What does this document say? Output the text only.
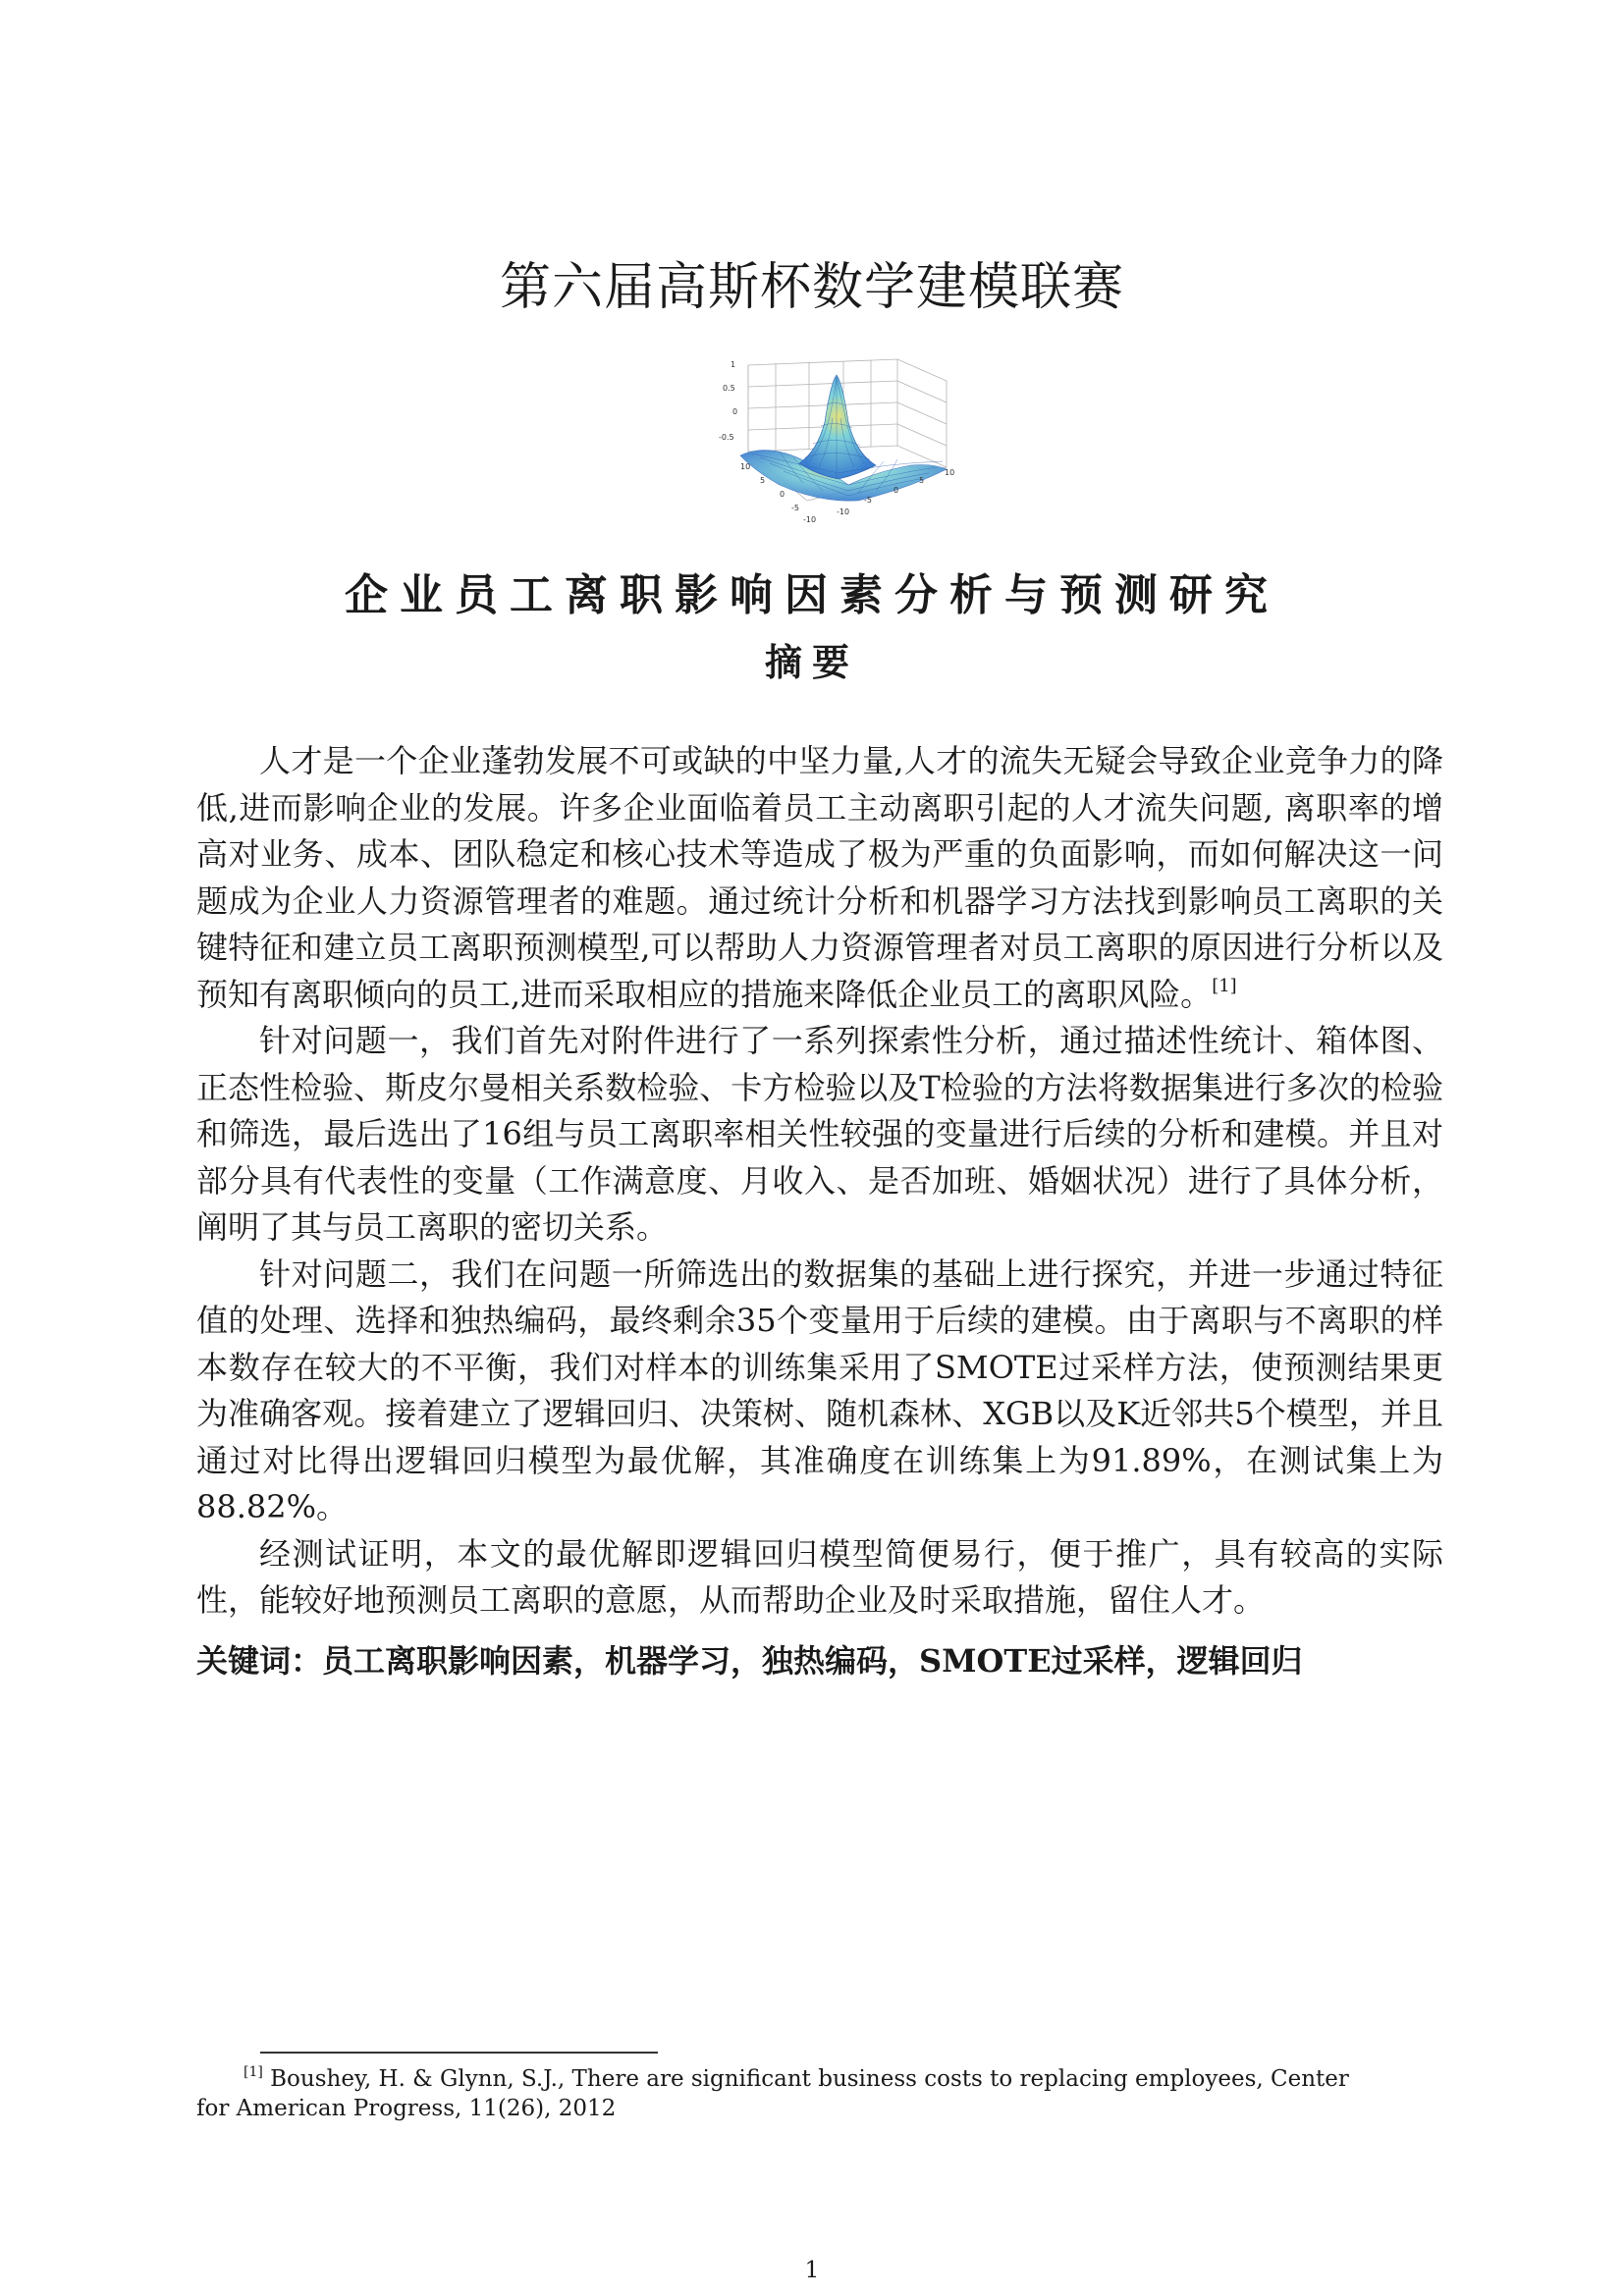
第六届高斯杯数学建模联赛
1
0.5
0
-0.5
10
5
0
-5
-10
-10
-5
0
5
10
企业员工离职影响因素分析与预测研究
摘要

人才是一个企业蓬勃发展不可或缺的中坚力量,人才的流失无疑会导致企业竞争力的降低,进而影响企业的发展。许多企业面临着员工主动离职引起的人才流失问题, 离职率的增高对业务、成本、团队稳定和核心技术等造成了极为严重的负面影响，而如何解决这一问题成为企业人力资源管理者的难题。通过统计分析和机器学习方法找到影响员工离职的关键特征和建立员工离职预测模型,可以帮助人力资源管理者对员工离职的原因进行分析以及预知有离职倾向的员工,进而采取相应的措施来降低企业员工的离职风险。[1]

针对问题一，我们首先对附件进行了一系列探索性分析，通过描述性统计、箱体图、正态性检验、斯皮尔曼相关系数检验、卡方检验以及T检验的方法将数据集进行多次的检验和筛选，最后选出了16组与员工离职率相关性较强的变量进行后续的分析和建模。并且对部分具有代表性的变量（工作满意度、月收入、是否加班、婚姻状况）进行了具体分析，阐明了其与员工离职的密切关系。

针对问题二，我们在问题一所筛选出的数据集的基础上进行探究，并进一步通过特征值的处理、选择和独热编码，最终剩余35个变量用于后续的建模。由于离职与不离职的样本数存在较大的不平衡，我们对样本的训练集采用了SMOTE过采样方法，使预测结果更为准确客观。接着建立了逻辑回归、决策树、随机森林、XGB以及K近邻共5个模型，并且通过对比得出逻辑回归模型为最优解，其准确度在训练集上为91.89%，在测试集上为88.82%。

经测试证明，本文的最优解即逻辑回归模型简便易行，便于推广，具有较高的实际性，能较好地预测员工离职的意愿，从而帮助企业及时采取措施，留住人才。

关键词：员工离职影响因素，机器学习，独热编码，SMOTE过采样，逻辑回归
[1] Boushey, H. & Glynn, S.J., There are significant business costs to replacing employees, Center for American Progress, 11(26), 2012
1
